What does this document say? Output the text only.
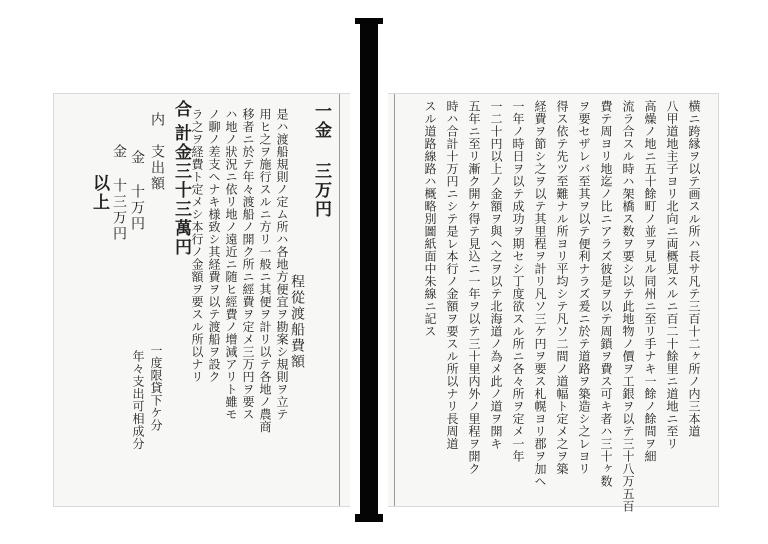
一金 三万円
程從渡船費額
是ハ渡船規則ノ定ム所ハ各地方便宜ヲ勘案シ規則ヲ立テ
用ヒ之ヲ施行スルニ方リ一般ニ其便ヲ計リ以テ各地ノ農商
移者ニ於テ年々渡船ノ開ク所ニ經費ヲ定メ三万円ヲ要ス
ハ地ノ狀況ニ依リ地ノ遠近ニ随ヒ經費ノ增減アリト雖モ
ノ聊ノ差支ヘナキ様致シ其経費ヲ以テ渡船ヲ設ク
ラ之ヲ経費ト定メシ本行ノ金額ヲ要スル所以ナリ
合
計金三十三萬円
支出額
内
金 十万円
金 十三万円
以上
一度限貸下ケ分
年々支出可相成分	横ニ跨縁ヲ以テ画スル所ハ長サ凡テ三百十二ヶ所ノ内三本道
八甲道地主子ヨリ北向ニ両概見スルニ百二十餘里ニ道地ニ至リ
高燥ノ地ニ五十餘町ノ並ヲ見ル同州ニ至リ手ナキ一餘ノ餘間ヲ細
流ラ合スル時ハ架橋ス数ヲ要シ以テ此地物ノ價ヲ工銀ヲ以テ三十八万五百
費テ周ヨリ地迄ノ比ニアラズ彼是ヲ以テ周鎖ヲ費ス可キ者ハ三十ヶ数
ヲ要セザレバ至其ヲ以テ便利ナラズ爰ニ於テ道路ヲ築造シ之レヨリ
得ス依テ先ツ至難ナル所ヨリ平均シテ凡ソ二間ノ道幅ト定メ之ヲ築
経費ヲ節シ之ヲ以テ其里程ヲ計リ凡ソ三ケ円ヲ要ス札幌ヨリ郡ヲ加ヘ
一年ノ時日ヲ以テ成功ヲ期セシ丁度欲スル所ニ各々所ヲ定メ一年
一二十円以上ノ金額ヲ與ヘ之ヲ以テ北海道ノ為メ此ノ道ヲ開キ
五年ニ至リ漸ク開ケ得テ見込ニ一年ヲ以テ三十里内外ノ里程ヲ開ク
時ハ合計十万円ニシテ是レ本行ノ金額ヲ要スル所以ナリ長周道
スル道路線路ハ概略別圖紙面中朱線ニ記ス
